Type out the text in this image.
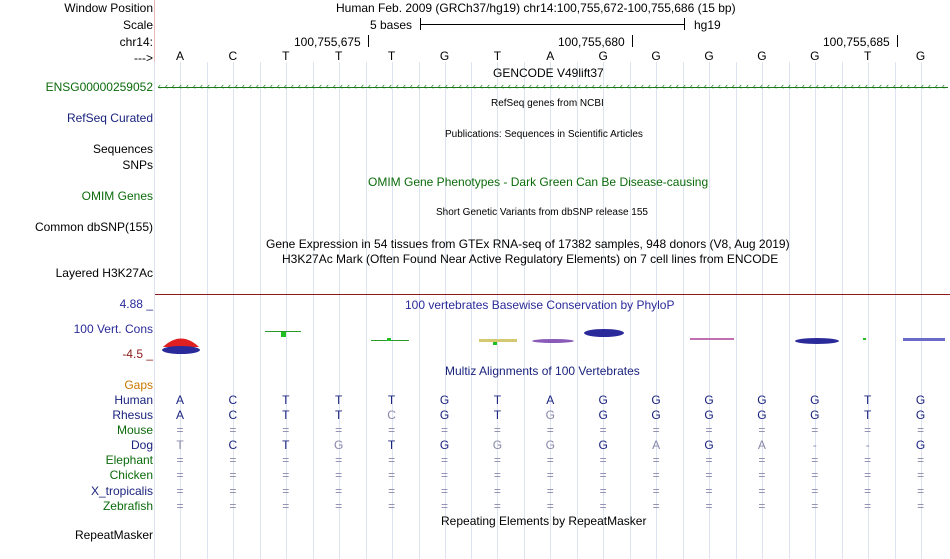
Window Position
Scale
chr14:
--->
ENSG00000259052
RefSeq Curated
Sequences
SNPs
OMIM Genes
Common dbSNP(155)
Layered H3K27Ac
4.88 _
100 Vert. Cons
-4.5 _
Gaps
Human
Rhesus
Mouse
Dog
Elephant
Chicken
X_tropicalis
Zebrafish
RepeatMasker
Human Feb. 2009 (GRCh37/hg19) chr14:100,755,672-100,755,686 (15 bp)
5 bases	hg19
100,755,675	100,755,680	100,755,685
A	C	T	T	T	G	T	A	G	G	G	G	G	T	G
GENCODE V49lift37
‹ ‹ ‹ ‹ ‹ ‹ ‹ ‹ ‹ ‹ ‹ ‹ ‹ ‹ ‹ ‹ ‹ ‹ ‹ ‹ ‹ ‹ ‹ ‹ ‹ ‹ ‹ ‹ ‹ ‹ ‹ ‹ ‹ ‹ ‹ ‹ ‹ ‹ ‹ ‹ ‹ ‹ ‹ ‹ ‹ ‹ ‹ ‹ ‹ ‹ ‹ ‹ ‹ ‹ ‹ ‹ ‹ ‹ ‹ ‹ ‹ ‹ ‹ ‹ ‹ ‹ ‹ ‹ ‹ ‹ ‹ ‹ ‹ ‹ ‹ ‹ ‹ ‹ ‹ ‹ ‹ ‹ ‹ ‹ ‹ ‹ ‹ ‹ ‹ ‹ ‹ ‹ ‹ ‹ ‹ ‹ ‹ ‹ ‹ ‹ ‹ ‹ ‹ ‹ ‹ ‹ ‹ ‹ ‹ ‹ ‹ ‹ ‹
RefSeq genes from NCBI
Publications: Sequences in Scientific Articles
OMIM Gene Phenotypes - Dark Green Can Be Disease-causing
Short Genetic Variants from dbSNP release 155
Gene Expression in 54 tissues from GTEx RNA-seq of 17382 samples, 948 donors (V8, Aug 2019)
H3K27Ac Mark (Often Found Near Active Regulatory Elements) on 7 cell lines from ENCODE
100 vertebrates Basewise Conservation by PhyloP
Multiz Alignments of 100 Vertebrates
A	C	T	T	T	G	T	A	G	G	G	G	G	T	G
A	C	T	T	C	G	T	G	G	G	G	G	G	T	G
=	=	=	=	=	=	=	=	=	=	=	=	=	=	=
T	C	T	G	T	G	G	G	G	A	G	A	-	-	G
=	=	=	=	=	=	=	=	=	=	=	=	=	=	=
=	=	=	=	=	=	=	=	=	=	=	=	=	=	=
=	=	=	=	=	=	=	=	=	=	=	=	=	=	=
=	=	=	=	=	=	=	=	=	=	=	=	=	=	=
Repeating Elements by RepeatMasker
